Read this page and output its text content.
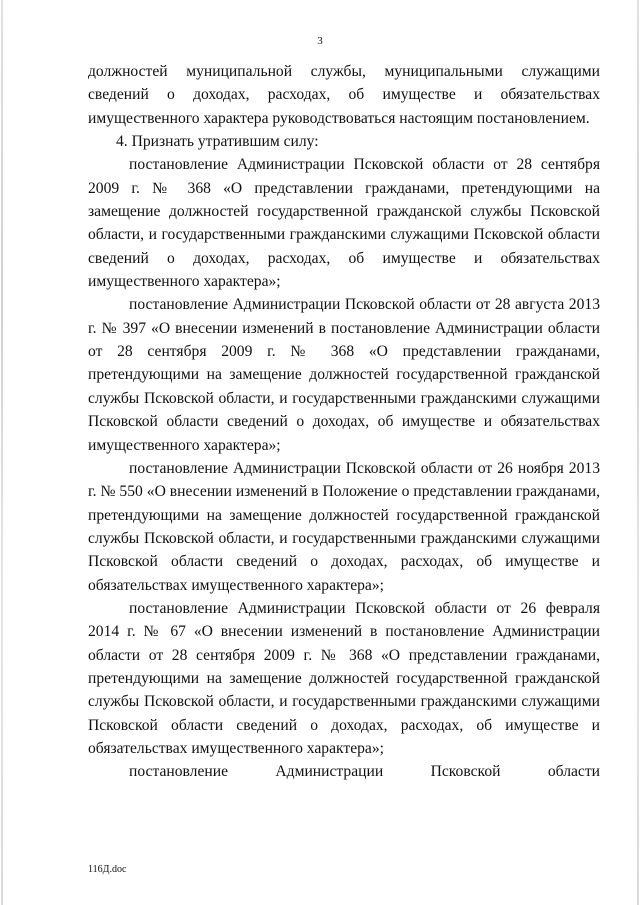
3

должностей муниципальной службы, муниципальными служащими сведений о доходах, расходах, об имуществе и обязательствах имущественного характера руководствоваться настоящим постановлением.

4. Признать утратившим силу:

постановление Администрации Псковской области от 28 сентября 2009 г. № 368 «О представлении гражданами, претендующими на замещение должностей государственной гражданской службы Псковской области, и государственными гражданскими служащими Псковской области сведений о доходах, расходах, об имуществе и обязательствах имущественного характера»;

постановление Администрации Псковской области от 28 августа 2013 г. № 397 «О внесении изменений в постановление Администрации области от 28 сентября 2009 г. № 368 «О представлении гражданами, претендующими на замещение должностей государственной гражданской службы Псковской области, и государственными гражданскими служащими Псковской области сведений о доходах, об имуществе и обязательствах имущественного характера»;

постановление Администрации Псковской области от 26 ноября 2013 г. № 550 «О внесении изменений в Положение о представлении гражданами, претендующими на замещение должностей государственной гражданской службы Псковской области, и государственными гражданскими служащими Псковской области сведений о доходах, расходах, об имуществе и обязательствах имущественного характера»;

постановление Администрации Псковской области от 26 февраля 2014 г. № 67 «О внесении изменений в постановление Администрации области от 28 сентября 2009 г. № 368 «О представлении гражданами, претендующими на замещение должностей государственной гражданской службы Псковской области, и государственными гражданскими служащими Псковской области сведений о доходах, расходах, об имуществе и обязательствах имущественного характера»;

постановление Администрации Псковской области

116Д.doc
